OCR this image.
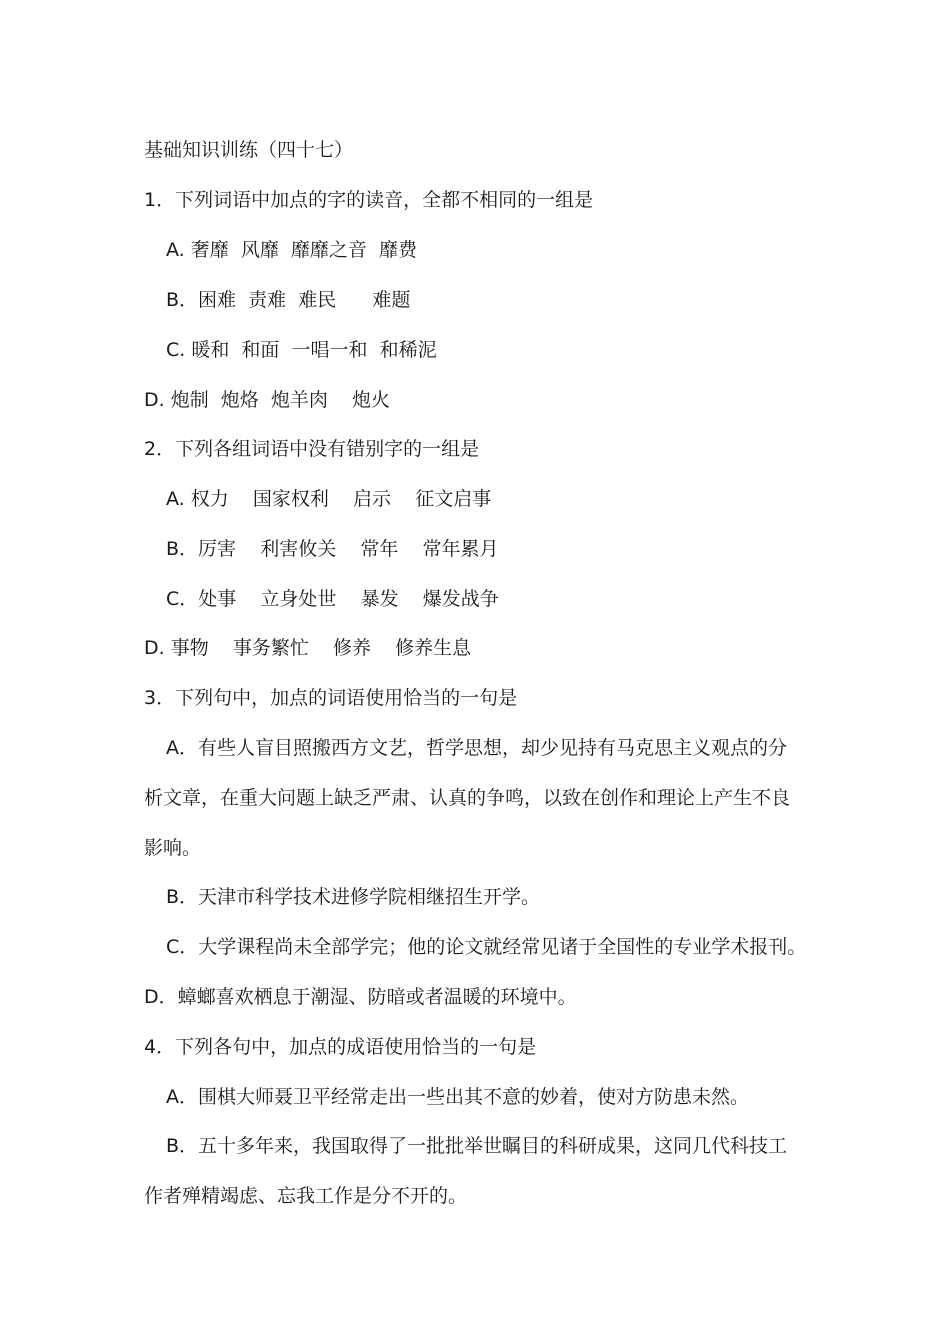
基础知识训练（四十七）
1．下列词语中加点的字的读音，全都不相同的一组是
A. 奢靡  风靡  靡靡之音  靡费
B．困难  责难  难民      难题
C. 暖和  和面  一唱一和  和稀泥
D. 炮制  炮烙  炮羊肉    炮火
2．下列各组词语中没有错别字的一组是
A. 权力    国家权利    启示    征文启事
B．厉害    利害攸关    常年    常年累月
C．处事    立身处世    暴发    爆发战争
D. 事物    事务繁忙    修养    修养生息
3．下列句中，加点的词语使用恰当的一句是
A．有些人盲目照搬西方文艺，哲学思想，却少见持有马克思主义观点的分
析文章，在重大问题上缺乏严肃、认真的争鸣，以致在创作和理论上产生不良
影响。
B．天津市科学技术进修学院相继招生开学。
C．大学课程尚未全部学完；他的论文就经常见诸于全国性的专业学术报刊。
D．蟑螂喜欢栖息于潮湿、防暗或者温暖的环境中。
4．下列各句中，加点的成语使用恰当的一句是
A．围棋大师聂卫平经常走出一些出其不意的妙着，使对方防患未然。
B．五十多年来，我国取得了一批批举世瞩目的科研成果，这同几代科技工
作者殚精竭虑、忘我工作是分不开的。
